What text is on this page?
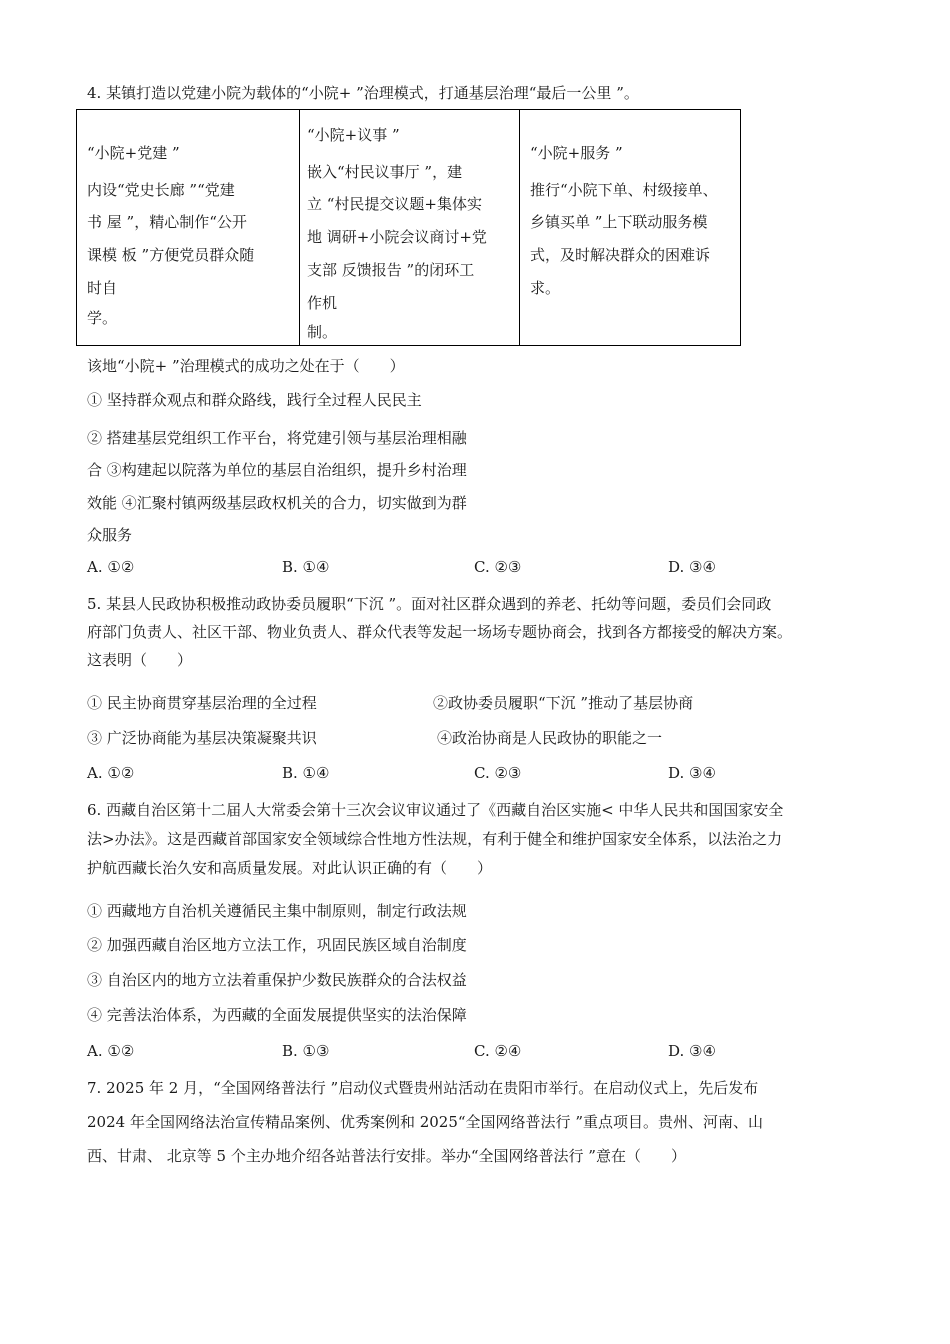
4. 某镇打造以党建小院为载体的“小院+ ”治理模式，打通基层治理“最后一公里 ”。

“小院+党建 ”
内设“党史长廊 ”“党建
书 屋 ”，精心制作“公开
课模 板 ”方便党员群众随
时自
学。
“小院+议事 ”
嵌入“村民议事厅 ”，建
立 “村民提交议题+集体实
地 调研+小院会议商讨+党
支部 反馈报告 ”的闭环工
作机
制。
“小院+服务 ”
推行“小院下单、村级接单、
乡镇买单 ”上下联动服务模
式，及时解决群众的困难诉
求。
该地“小院+ ”治理模式的成功之处在于（　　）
① 坚持群众观点和群众路线，践行全过程人民民主
② 搭建基层党组织工作平台，将党建引领与基层治理相融
合 ③构建起以院落为单位的基层自治组织，提升乡村治理
效能 ④汇聚村镇两级基层政权机关的合力，切实做到为群
众服务
A. ①②	B. ①④	C. ②③	D. ③④
5. 某县人民政协积极推动政协委员履职“下沉 ”。面对社区群众遇到的养老、托幼等问题，委员们会同政
府部门负责人、社区干部、物业负责人、群众代表等发起一场场专题协商会，找到各方都接受的解决方案。
这表明（　　）
① 民主协商贯穿基层治理的全过程	②政协委员履职“下沉 ”推动了基层协商
③ 广泛协商能为基层决策凝聚共识	④政治协商是人民政协的职能之一
A. ①②	B. ①④	C. ②③	D. ③④
6. 西藏自治区第十二届人大常委会第十三次会议审议通过了《西藏自治区实施< 中华人民共和国国家安全
法>办法》。这是西藏首部国家安全领域综合性地方性法规，有利于健全和维护国家安全体系，以法治之力
护航西藏长治久安和高质量发展。对此认识正确的有（　　）
① 西藏地方自治机关遵循民主集中制原则，制定行政法规
② 加强西藏自治区地方立法工作，巩固民族区域自治制度
③ 自治区内的地方立法着重保护少数民族群众的合法权益
④ 完善法治体系，为西藏的全面发展提供坚实的法治保障
A. ①②	B. ①③	C. ②④	D. ③④
7. 2025 年 2 月，“全国网络普法行 ”启动仪式暨贵州站活动在贵阳市举行。在启动仪式上，先后发布
2024 年全国网络法治宣传精品案例、优秀案例和 2025“全国网络普法行 ”重点项目。贵州、河南、山
西、甘肃、 北京等 5 个主办地介绍各站普法行安排。举办“全国网络普法行 ”意在（　　）
